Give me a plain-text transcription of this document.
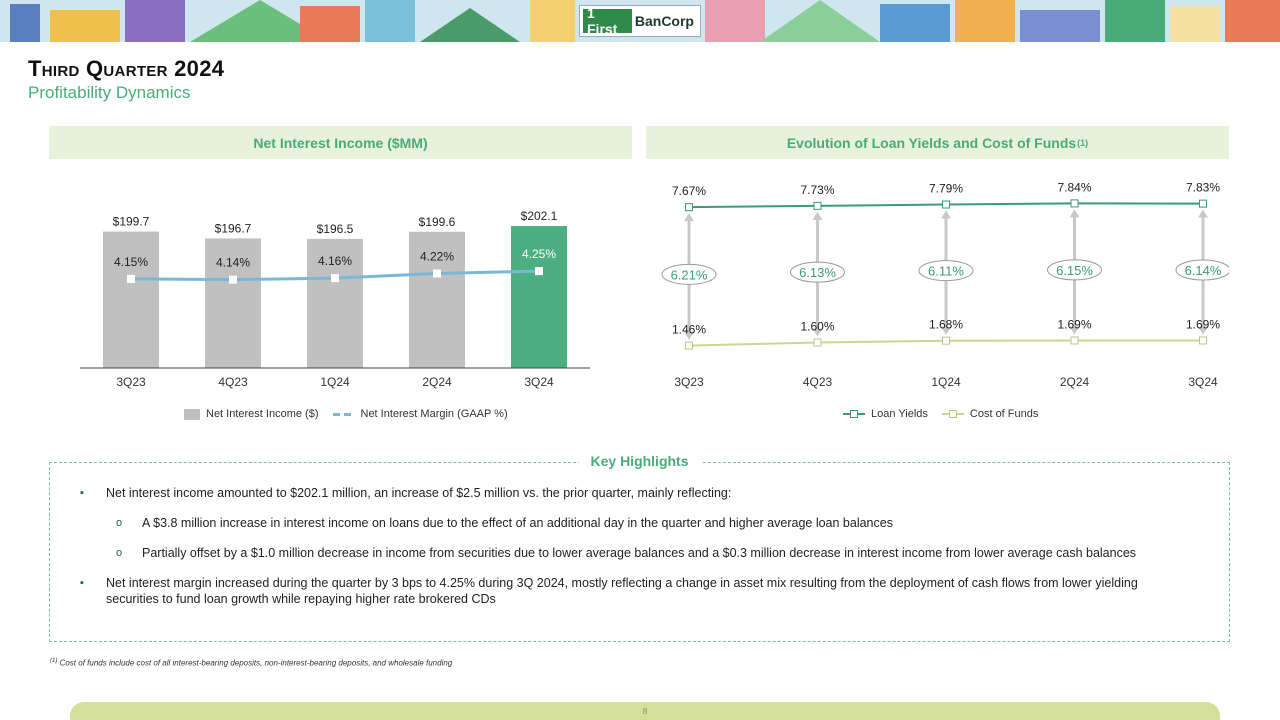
1 First	BanCorp
Third Quarter 2024
Profitability Dynamics
Net Interest Income ($MM)	Evolution of Loan Yields and Cost of Funds (1)
$199.7
3Q23
$196.7
4Q23
$196.5
1Q24
$199.6
2Q24
$202.1
3Q24
4.15%	4.14%	4.16%	4.22%	4.25%
6.21%	6.13%	6.11%	6.15%	6.14%
7.67%	7.73%	7.79%	7.84%	7.83%
1.46%	1.60%	1.68%	1.69%	1.69%
3Q23	4Q23	1Q24	2Q24	3Q24
Net Interest Income ($)	Net Interest Margin (GAAP %)	Loan Yields	Cost of Funds
Key Highlights
▪ Net interest income amounted to $202.1 million, an increase of $2.5 million vs. the prior quarter, mainly reflecting:
o A $3.8 million increase in interest income on loans due to the effect of an additional day in the quarter and higher average loan balances
o Partially offset by a $1.0 million decrease in income from securities due to lower average balances and a $0.3 million decrease in interest income from lower average cash balances
▪ Net interest margin increased during the quarter by 3 bps to 4.25% during 3Q 2024, mostly reflecting a change in asset mix resulting from the deployment of cash flows from lower yielding securities to fund loan growth while repaying higher rate brokered CDs
$^{(1)}$ Cost of funds include cost of all interest-bearing deposits, non-interest-bearing deposits, and wholesale funding
8
